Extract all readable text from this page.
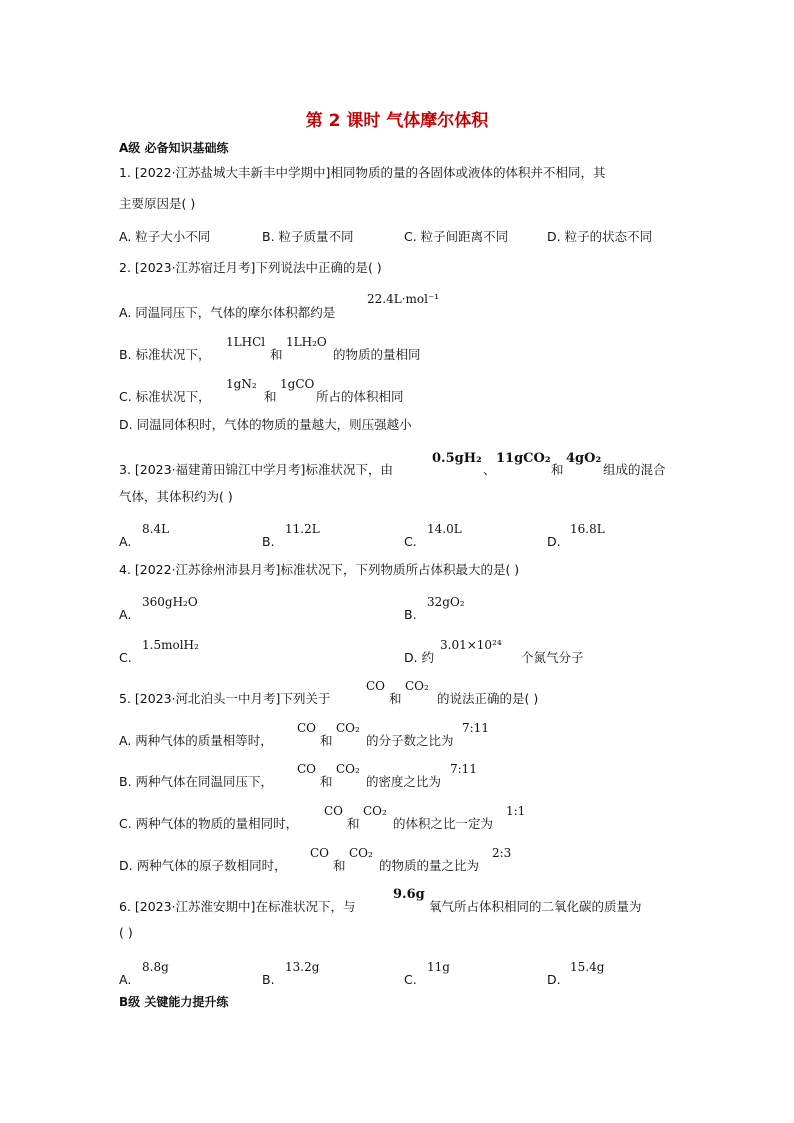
第 2 课时 气体摩尔体积
A级 必备知识基础练
1. [2022·江苏盐城大丰新丰中学期中]相同物质的量的各固体或液体的体积并不相同，其
主要原因是( )
A. 粒子大小不同	B. 粒子质量不同	C. 粒子间距离不同	D. 粒子的状态不同
2. [2023·江苏宿迁月考]下列说法中正确的是( )
A. 同温同压下，气体的摩尔体积都约是
22.4L·mol⁻¹
B. 标准状况下，
1LHCl
和
1LH₂O
的物质的量相同
C. 标准状况下，
1gN₂
和
1gCO
所占的体积相同
D. 同温同体积时，气体的物质的量越大，则压强越小
3. [2023·福建莆田锦江中学月考]标准状况下，由
0.5gH₂
、
11gCO₂
和
4gO₂
组成的混合
气体，其体积约为( )
A.
8.4L
B.
11.2L
C.
14.0L
D.
16.8L
4. [2022·江苏徐州沛县月考]标准状况下，下列物质所占体积最大的是( )
A.
360gH₂O
B.
32gO₂
C.
1.5molH₂
D. 约
3.01×10²⁴
个氮气分子
5. [2023·河北泊头一中月考]下列关于
CO
和
CO₂
的说法正确的是( )
A. 两种气体的质量相等时，
CO
和
CO₂
的分子数之比为
7:11
B. 两种气体在同温同压下，
CO
和
CO₂
的密度之比为
7:11
C. 两种气体的物质的量相同时，
CO
和
CO₂
的体积之比一定为
1:1
D. 两种气体的原子数相同时，
CO
和
CO₂
的物质的量之比为
2:3
6. [2023·江苏淮安期中]在标准状况下，与
9.6g
氧气所占体积相同的二氧化碳的质量为
( )
A.
8.8g
B.
13.2g
C.
11g
D.
15.4g
B级 关键能力提升练
